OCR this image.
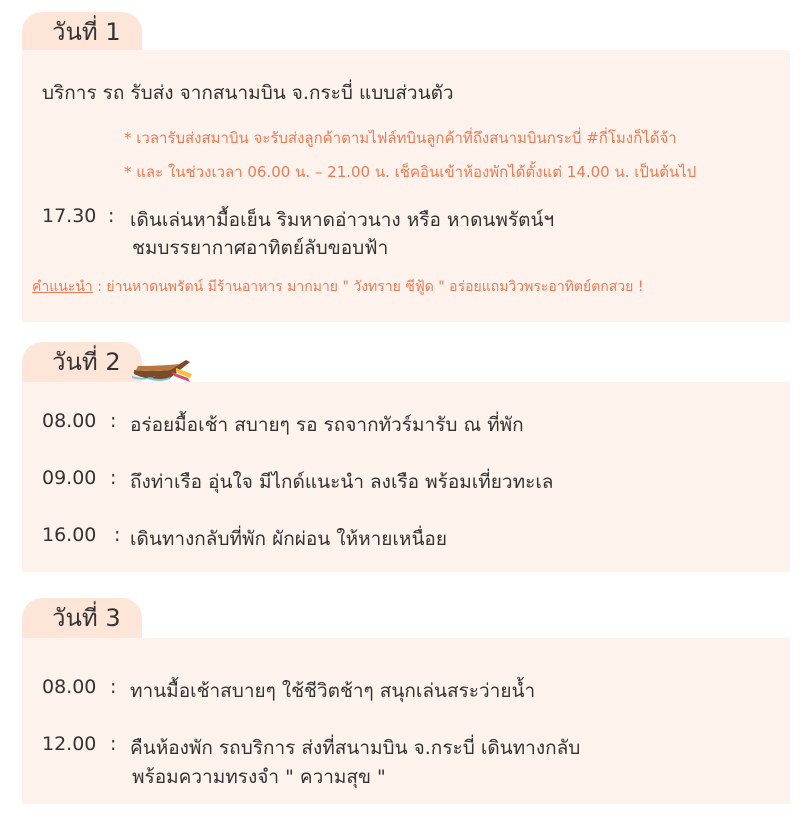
วันที่ 1
บริการ รถ รับส่ง จากสนามบิน จ.กระบี่ แบบส่วนตัว
* เวลารับส่งสมาบิน จะรับส่งลูกค้าตามไฟล์ทบินลูกค้าที่ถึงสนามบินกระบี่ #กี่โมงก็ได้จ้า
* และ ในช่วงเวลา 06.00 น. – 21.00 น. เช็คอินเข้าห้องพักได้ตั้งแต่ 14.00 น. เป็นต้นไป
17.30 : เดินเล่นหามื้อเย็น ริมหาดอ่าวนาง หรือ หาดนพรัตน์ฯ
ชมบรรยากาศอาทิตย์ลับขอบฟ้า
คำแนะนำ : ย่านหาดนพรัตน์ มีร้านอาหาร มากมาย " วังทราย ซีฟู้ด " อร่อยแถมวิวพระอาทิตย์ตกสวย !
วันที่ 2
08.00 : อร่อยมื้อเช้า สบายๆ รอ รถจากทัวร์มารับ ณ ที่พัก
09.00 : ถึงท่าเรือ อุ่นใจ มีไกด์แนะนำ ลงเรือ พร้อมเที่ยวทะเล
16.00 : เดินทางกลับที่พัก ผักผ่อน ให้หายเหนื่อย
วันที่ 3
08.00 : ทานมื้อเช้าสบายๆ ใช้ชีวิตช้าๆ สนุกเล่นสระว่ายน้ำ
12.00 : คืนห้องพัก รถบริการ ส่งที่สนามบิน จ.กระบี่ เดินทางกลับ
พร้อมความทรงจำ " ความสุข "
